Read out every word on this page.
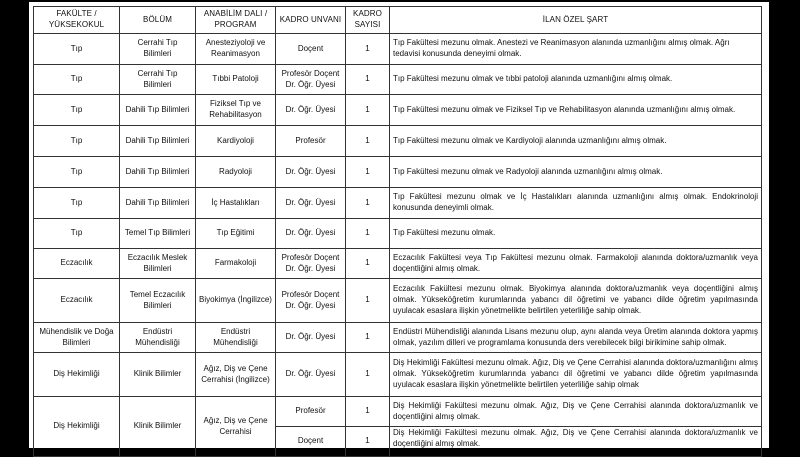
FAKÜLTE / YÜKSEKOKUL	BÖLÜM	ANABİLİM DALI / PROGRAM	KADRO UNVANI	KADRO SAYISI	İLAN ÖZEL ŞART
Tıp	Cerrahi Tıp Bilimleri	Anesteziyoloji ve Reanimasyon	Doçent	1	Tıp Fakültesi mezunu olmak. Anestezi ve Reanimasyon alanında uzmanlığını almış olmak. Ağrı tedavisi konusunda deneyimi olmak.
Tıp	Cerrahi Tıp Bilimleri	Tıbbi Patoloji	Profesör Doçent Dr. Öğr. Üyesi	1	Tıp Fakültesi mezunu olmak ve tıbbi patoloji alanında uzmanlığını almış olmak.
Tıp	Dahili Tıp Bilimleri	Fiziksel Tıp ve Rehabilitasyon	Dr. Öğr. Üyesi	1	Tıp Fakültesi mezunu olmak ve Fiziksel Tıp ve Rehabilitasyon alanında uzmanlığını almış olmak.
Tıp	Dahili Tıp Bilimleri	Kardiyoloji	Profesör	1	Tıp Fakültesi mezunu olmak ve Kardiyoloji alanında uzmanlığını almış olmak.
Tıp	Dahili Tıp Bilimleri	Radyoloji	Dr. Öğr. Üyesi	1	Tıp Fakültesi mezunu olmak ve Radyoloji alanında uzmanlığını almış olmak.
Tıp	Dahili Tıp Bilimleri	İç Hastalıkları	Dr. Öğr. Üyesi	1	Tıp Fakültesi mezunu olmak ve İç Hastalıkları alanında uzmanlığını almış olmak. Endokrinoloji konusunda deneyimli olmak.
Tıp	Temel Tıp Bilimleri	Tıp Eğitimi	Dr. Öğr. Üyesi	1	Tıp Fakültesi mezunu olmak.
Eczacılık	Eczacılık Meslek Bilimleri	Farmakoloji	Profesör Doçent Dr. Öğr. Üyesi	1	Eczacılık Fakültesi veya Tıp Fakültesi mezunu olmak. Farmakoloji alanında doktora/uzmanlık veya doçentliğini almış olmak.
Eczacılık	Temel Eczacılık Bilimleri	Biyokimya (İngilizce)	Profesör Doçent Dr. Öğr. Üyesi	1	Eczacılık Fakültesi mezunu olmak. Biyokimya alanında doktora/uzmanlık veya doçentliğini almış olmak. Yükseköğretim kurumlarında yabancı dil öğretimi ve yabancı dilde öğretim yapılmasında uyulacak esaslara ilişkin yönetmelikte belirtilen yeterliliğe sahip olmak.
Mühendislik ve Doğa Bilimleri	Endüstri Mühendisliği	Endüstri Mühendisliği	Dr. Öğr. Üyesi	1	Endüstri Mühendisliği alanında Lisans mezunu olup, aynı alanda veya Üretim alanında doktora yapmış olmak, yazılım dilleri ve programlama konusunda ders verebilecek bilgi birikimine sahip olmak.
Diş Hekimliği	Klinik Bilimler	Ağız, Diş ve Çene Cerrahisi (İngilizce)	Dr. Öğr. Üyesi	1	Diş Hekimliği Fakültesi mezunu olmak. Ağız, Diş ve Çene Cerrahisi alanında doktora/uzmanlığını almış olmak. Yükseköğretim kurumlarında yabancı dil öğretimi ve yabancı dilde öğretim yapılmasında uyulacak esaslara ilişkin yönetmelikte belirtilen yeterliliğe sahip olmak
Diş Hekimliği	Klinik Bilimler	Ağız, Diş ve Çene Cerrahisi	Profesör	1	Diş Hekimliği Fakültesi mezunu olmak. Ağız, Diş ve Çene Cerrahisi alanında doktora/uzmanlık ve doçentliğini almış olmak.
			Doçent	1	Diş Hekimliği Fakültesi mezunu olmak. Ağız, Diş ve Çene Cerrahisi alanında doktora/uzmanlık ve doçentliğini almış olmak.
